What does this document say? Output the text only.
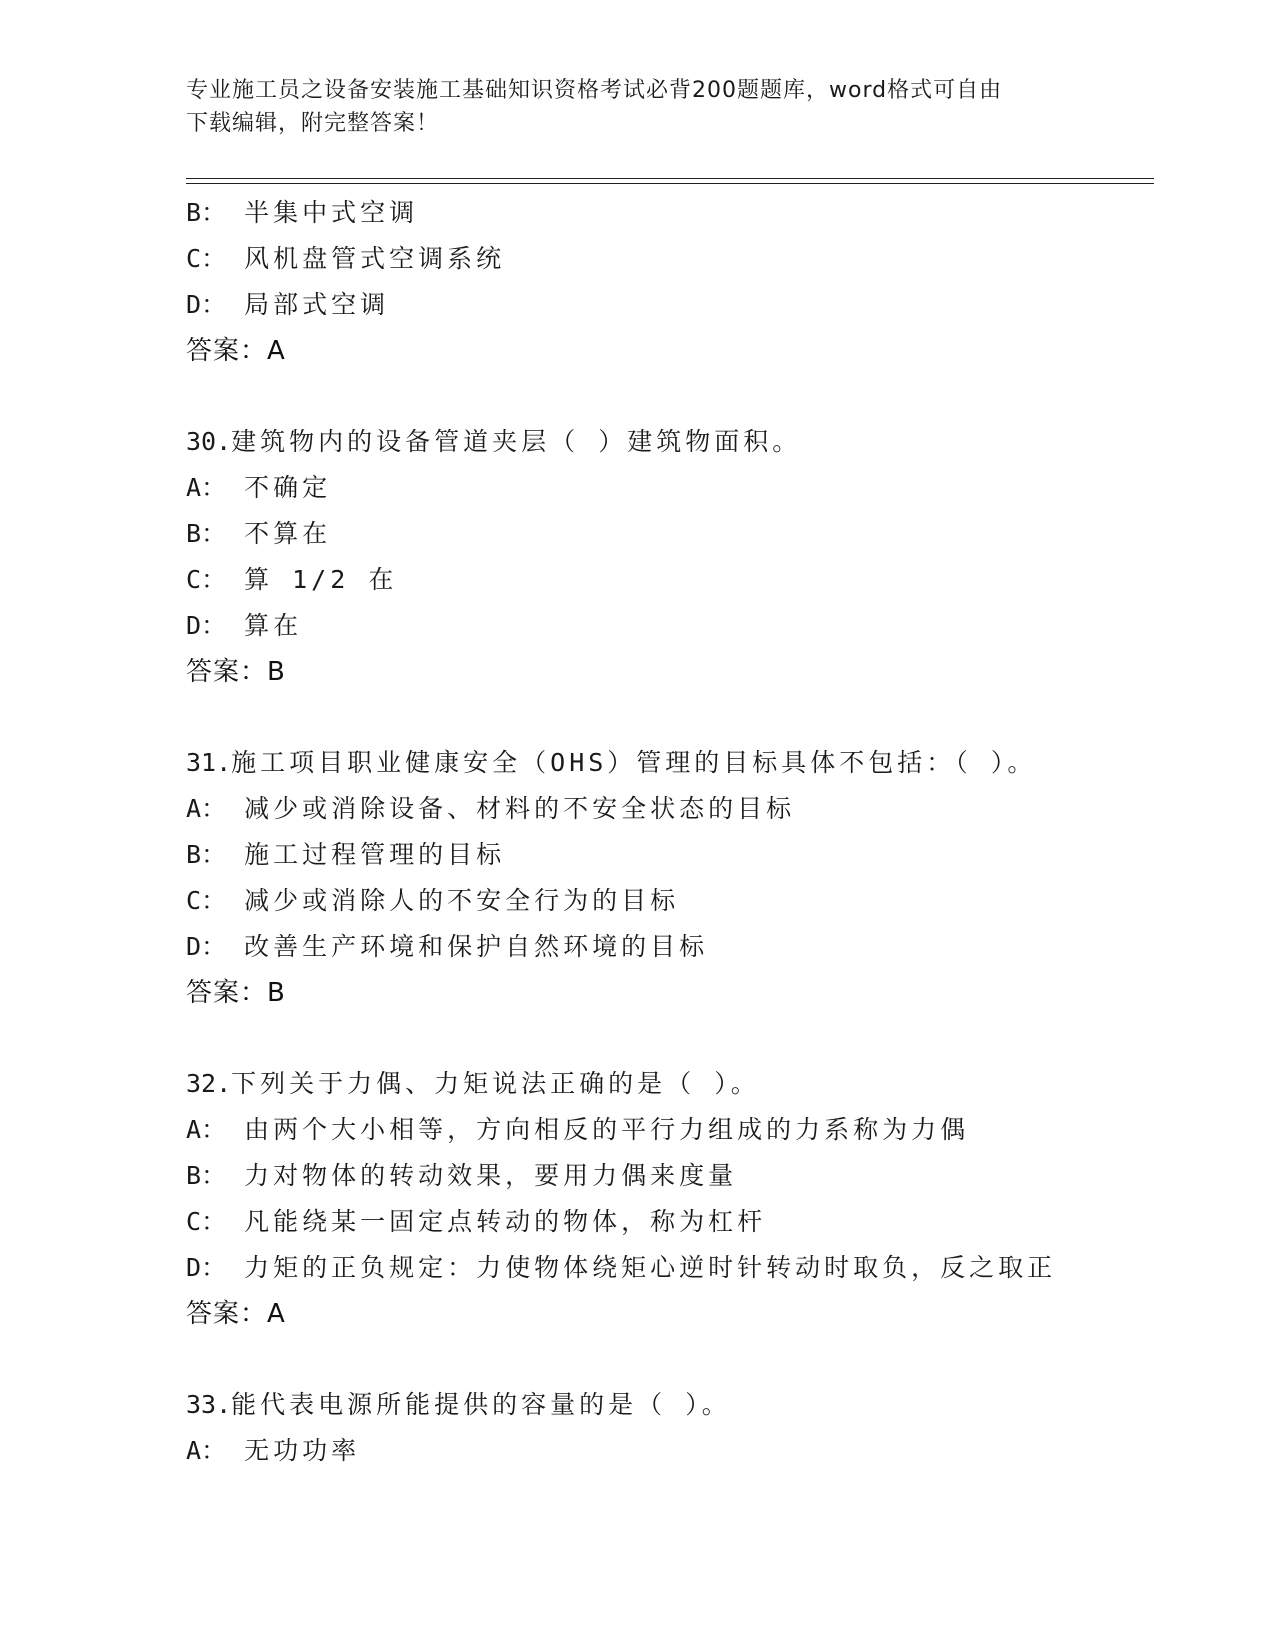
专业施工员之设备安装施工基础知识资格考试必背200题题库，word格式可自由
下载编辑，附完整答案！
B： 半集中式空调
C： 风机盘管式空调系统
D： 局部式空调
答案：A
30.建筑物内的设备管道夹层（ ）建筑物面积。
A： 不确定
B： 不算在
C： 算 1/2 在
D： 算在
答案：B
31.施工项目职业健康安全（OHS）管理的目标具体不包括：（ ）。
A： 减少或消除设备、材料的不安全状态的目标
B： 施工过程管理的目标
C： 减少或消除人的不安全行为的目标
D： 改善生产环境和保护自然环境的目标
答案：B
32.下列关于力偶、力矩说法正确的是（ ）。
A： 由两个大小相等，方向相反的平行力组成的力系称为力偶
B： 力对物体的转动效果，要用力偶来度量
C： 凡能绕某一固定点转动的物体，称为杠杆
D： 力矩的正负规定：力使物体绕矩心逆时针转动时取负，反之取正
答案：A
33.能代表电源所能提供的容量的是（ ）。
A： 无功功率
